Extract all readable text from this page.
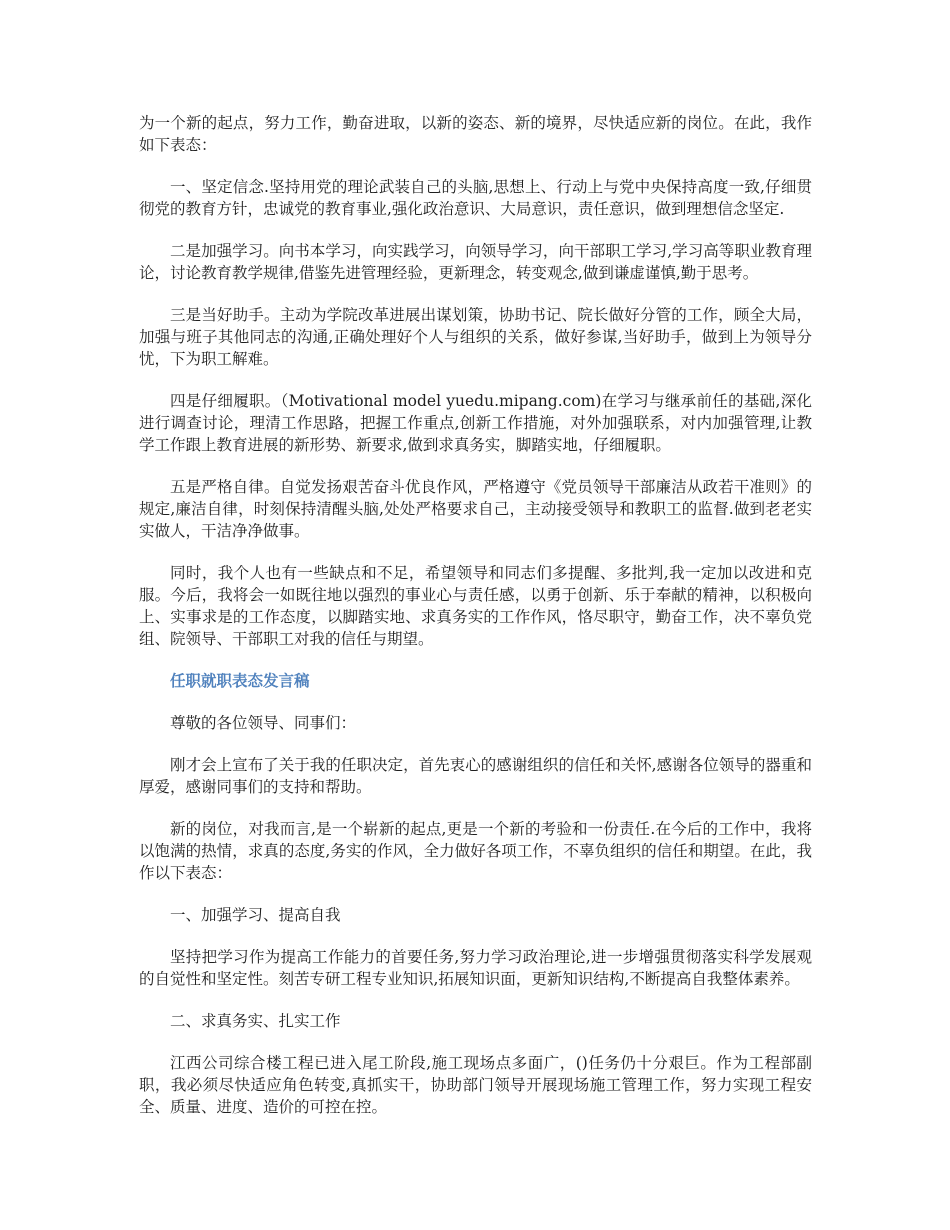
为一个新的起点，努力工作，勤奋进取，以新的姿态、新的境界，尽快适应新的岗位。在此，我作如下表态：

一、坚定信念.坚持用党的理论武装自己的头脑,思想上、行动上与党中央保持高度一致,仔细贯彻党的教育方针，忠诚党的教育事业,强化政治意识、大局意识，责任意识，做到理想信念坚定.

二是加强学习。向书本学习，向实践学习，向领导学习，向干部职工学习,学习高等职业教育理论，讨论教育教学规律,借鉴先进管理经验，更新理念，转变观念,做到谦虚谨慎,勤于思考。

三是当好助手。主动为学院改革进展出谋划策，协助书记、院长做好分管的工作，顾全大局，加强与班子其他同志的沟通,正确处理好个人与组织的关系，做好参谋,当好助手，做到上为领导分忧，下为职工解难。

四是仔细履职。（Motivational model yuedu.mipang.com)在学习与继承前任的基础,深化进行调查讨论，理清工作思路，把握工作重点,创新工作措施，对外加强联系，对内加强管理,让教学工作跟上教育进展的新形势、新要求,做到求真务实，脚踏实地，仔细履职。

五是严格自律。自觉发扬艰苦奋斗优良作风，严格遵守《党员领导干部廉洁从政若干准则》的规定,廉洁自律，时刻保持清醒头脑,处处严格要求自己，主动接受领导和教职工的监督.做到老老实实做人，干洁净净做事。

同时，我个人也有一些缺点和不足，希望领导和同志们多提醒、多批判,我一定加以改进和克服。今后，我将会一如既往地以强烈的事业心与责任感，以勇于创新、乐于奉献的精神，以积极向上、实事求是的工作态度，以脚踏实地、求真务实的工作作风，恪尽职守，勤奋工作，决不辜负党组、院领导、干部职工对我的信任与期望。

任职就职表态发言稿

尊敬的各位领导、同事们：

刚才会上宣布了关于我的任职决定，首先衷心的感谢组织的信任和关怀,感谢各位领导的器重和厚爱，感谢同事们的支持和帮助。

新的岗位，对我而言,是一个崭新的起点,更是一个新的考验和一份责任.在今后的工作中，我将以饱满的热情，求真的态度,务实的作风，全力做好各项工作，不辜负组织的信任和期望。在此，我作以下表态：

一、加强学习、提高自我

坚持把学习作为提高工作能力的首要任务,努力学习政治理论,进一步增强贯彻落实科学发展观的自觉性和坚定性。刻苦专研工程专业知识,拓展知识面，更新知识结构,不断提高自我整体素养。

二、求真务实、扎实工作

江西公司综合楼工程已进入尾工阶段,施工现场点多面广，()任务仍十分艰巨。作为工程部副职，我必须尽快适应角色转变,真抓实干，协助部门领导开展现场施工管理工作，努力实现工程安全、质量、进度、造价的可控在控。
